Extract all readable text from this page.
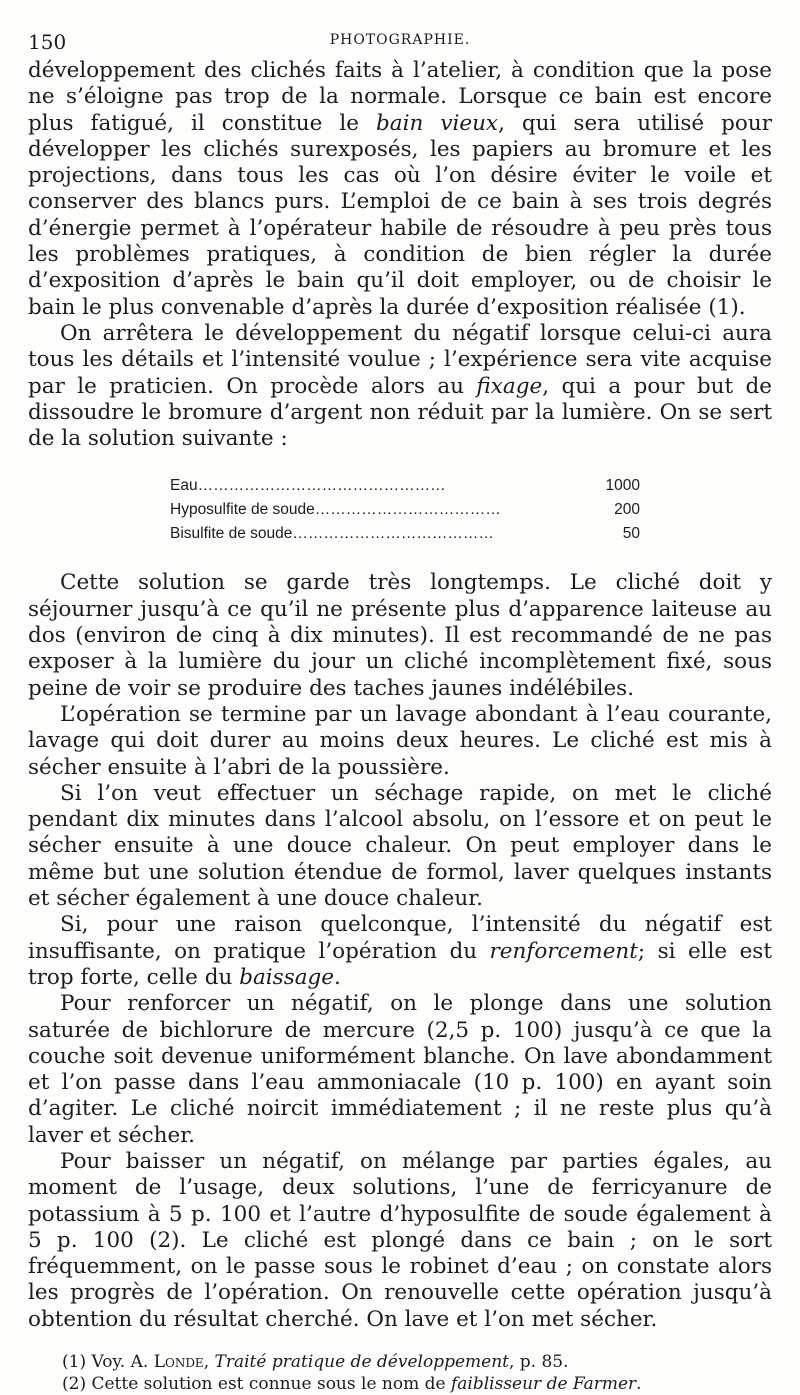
150	PHOTOGRAPHIE.

développement des clichés faits à l’atelier, à condition que la pose ne s’éloigne pas trop de la normale. Lorsque ce bain est encore plus fatigué, il constitue le bain vieux, qui sera utilisé pour développer les clichés surexposés, les papiers au bromure et les projections, dans tous les cas où l’on désire éviter le voile et conserver des blancs purs. L’emploi de ce bain à ses trois degrés d’énergie permet à l’opérateur habile de résoudre à peu près tous les problèmes pratiques, à condition de bien régler la durée d’exposition d’après le bain qu’il doit employer, ou de choisir le bain le plus convenable d’après la durée d’exposition réalisée (1).

On arrêtera le développement du négatif lorsque celui-ci aura tous les détails et l’intensité voulue ; l’expérience sera vite acquise par le praticien. On procède alors au fixage, qui a pour but de dissoudre le bromure d’argent non réduit par la lumière. On se sert de la solution suivante :

Eau…………………………………………	1000
Hyposulfite de soude………………………………	200
Bisulfite de soude…………………………………	50

Cette solution se garde très longtemps. Le cliché doit y séjourner jusqu’à ce qu’il ne présente plus d’apparence laiteuse au dos (environ de cinq à dix minutes). Il est recommandé de ne pas exposer à la lumière du jour un cliché incomplètement fixé, sous peine de voir se produire des taches jaunes indélébiles.

L’opération se termine par un lavage abondant à l’eau courante, lavage qui doit durer au moins deux heures. Le cliché est mis à sécher ensuite à l’abri de la poussière.

Si l’on veut effectuer un séchage rapide, on met le cliché pendant dix minutes dans l’alcool absolu, on l’essore et on peut le sécher ensuite à une douce chaleur. On peut employer dans le même but une solution étendue de formol, laver quelques instants et sécher également à une douce chaleur.

Si, pour une raison quelconque, l’intensité du négatif est insuffisante, on pratique l’opération du renforcement; si elle est trop forte, celle du baissage.

Pour renforcer un négatif, on le plonge dans une solution saturée de bichlorure de mercure (2,5 p. 100) jusqu’à ce que la couche soit devenue uniformément blanche. On lave abondamment et l’on passe dans l’eau ammoniacale (10 p. 100) en ayant soin d’agiter. Le cliché noircit immédiatement ; il ne reste plus qu’à laver et sécher.

Pour baisser un négatif, on mélange par parties égales, au moment de l’usage, deux solutions, l’une de ferricyanure de potassium à 5 p. 100 et l’autre d’hyposulfite de soude également à 5 p. 100 (2). Le cliché est plongé dans ce bain ; on le sort fréquemment, on le passe sous le robinet d’eau ; on constate alors les progrès de l’opération. On renouvelle cette opération jusqu’à obtention du résultat cherché. On lave et l’on met sécher.

(1) Voy. A. Londe, Traité pratique de développement, p. 85.

(2) Cette solution est connue sous le nom de faiblisseur de Farmer.
